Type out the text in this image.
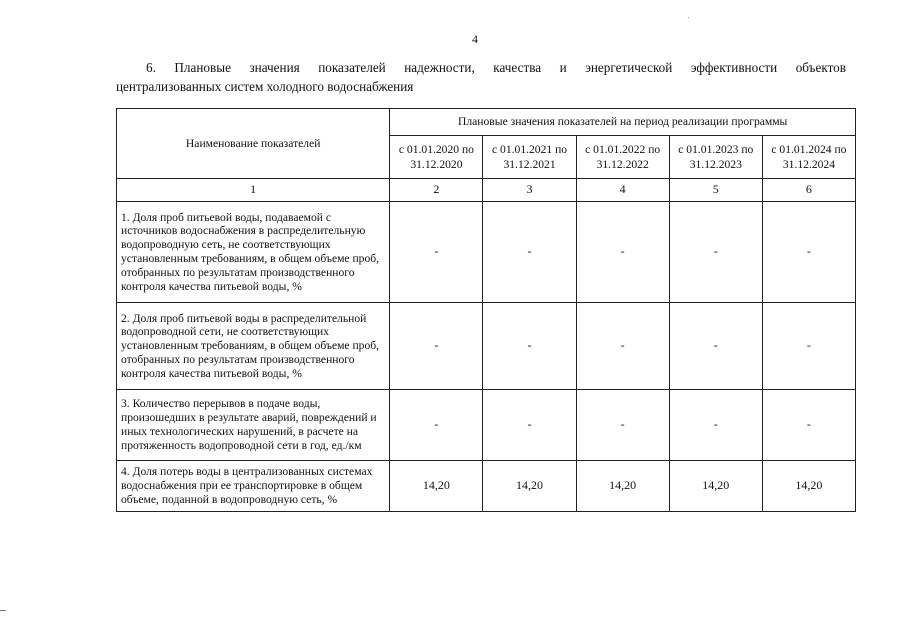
4
6. Плановые значения показателей надежности, качества и энергетической эффективности объектов
централизованных систем холодного водоснабжения
Наименование показателей	Плановые значения показателей на период реализации программы				
	с 01.01.2020 по 31.12.2020	с 01.01.2021 по 31.12.2021	с 01.01.2022 по 31.12.2022	с 01.01.2023 по 31.12.2023	с 01.01.2024 по 31.12.2024
1	2	3	4	5	6
1. Доля проб питьевой воды, подаваемой с источников водоснабжения в распределительную водопроводную сеть, не соответствующих установленным требованиям, в общем объеме проб, отобранных по результатам производственного контроля качества питьевой воды, %	-	-	-	-	-
2. Доля проб питьевой воды в распределительной водопроводной сети, не соответствующих установленным требованиям, в общем объеме проб, отобранных по результатам производственного контроля качества питьевой воды, %	-	-	-	-	-
3. Количество перерывов в подаче воды, произошедших в результате аварий, повреждений и иных технологических нарушений, в расчете на протяженность водопроводной сети в год, ед./км	-	-	-	-	-
4. Доля потерь воды в централизованных системах водоснабжения при ее транспортировке в общем объеме, поданной в водопроводную сеть, %	14,20	14,20	14,20	14,20	14,20
